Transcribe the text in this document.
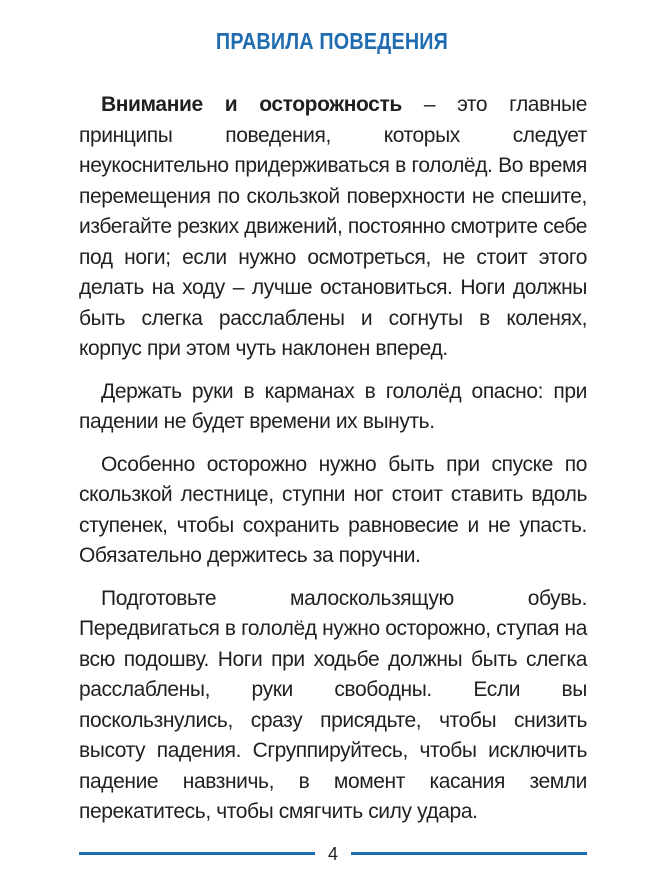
ПРАВИЛА ПОВЕДЕНИЯ

Внимание и осторожность – это главные принципы поведения, которых следует неукоснительно придерживаться в гололёд. Во время перемещения по скользкой поверхности не спешите, избегайте резких движений, постоянно смотрите себе под ноги; если нужно осмотреться, не стоит этого делать на ходу – лучше остановиться. Ноги должны быть слегка расслаблены и согнуты в коленях, корпус при этом чуть наклонен вперед.

Держать руки в карманах в гололёд опасно: при падении не будет времени их вынуть.

Особенно осторожно нужно быть при спуске по скользкой лестнице, ступни ног стоит ставить вдоль ступенек, чтобы сохранить равновесие и не упасть. Обязательно держитесь за поручни.

Подготовьте малоскользящую обувь. Передвигаться в гололёд нужно осторожно, ступая на всю подошву. Ноги при ходьбе должны быть слегка расслаблены, руки свободны. Если вы поскользнулись, сразу присядьте, чтобы снизить высоту падения. Сгруппируйтесь, чтобы исключить падение навзничь, в момент касания земли перекатитесь, чтобы смягчить силу удара.

4
